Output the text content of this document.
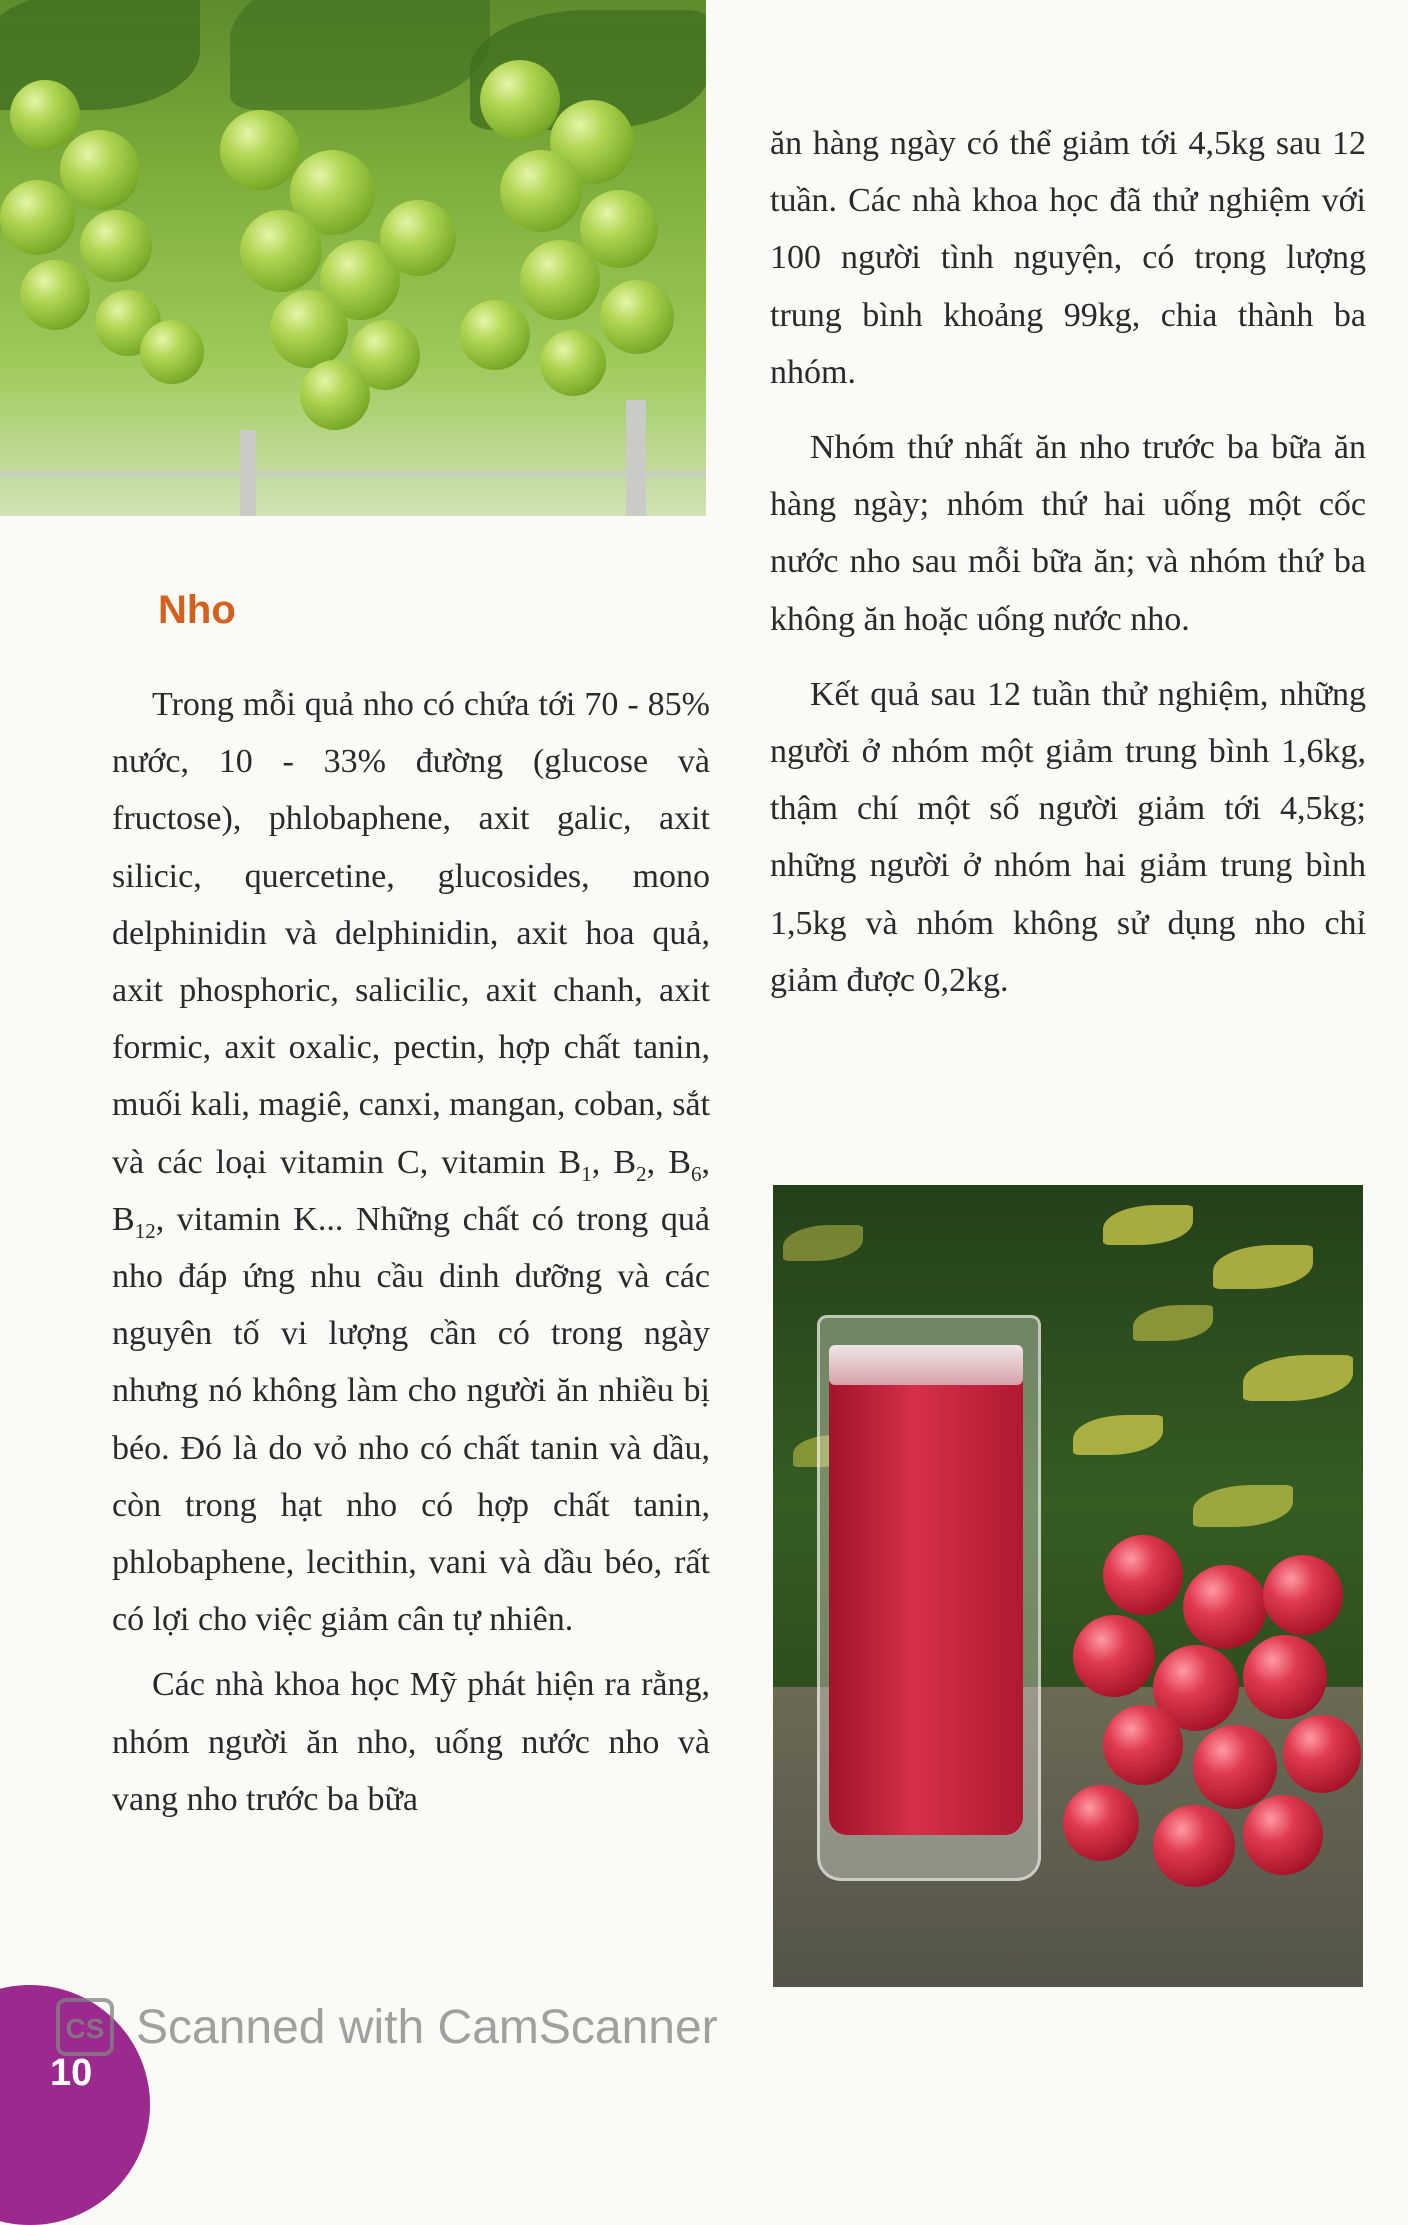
Nho

Trong mỗi quả nho có chứa tới 70 - 85% nước, 10 - 33% đường (glucose và fructose), phlobaphene, axit galic, axit silicic, quercetine, glucosides, mono delphinidin và delphinidin, axit hoa quả, axit phosphoric, salicilic, axit chanh, axit formic, axit oxalic, pectin, hợp chất tanin, muối kali, magiê, canxi, mangan, coban, sắt và các loại vitamin C, vitamin $B_1$, $B_2$, $B_6$, $B_{12}$, vitamin K... Những chất có trong quả nho đáp ứng nhu cầu dinh dưỡng và các nguyên tố vi lượng cần có trong ngày nhưng nó không làm cho người ăn nhiều bị béo. Đó là do vỏ nho có chất tanin và dầu, còn trong hạt nho có hợp chất tanin, phlobaphene, lecithin, vani và dầu béo, rất có lợi cho việc giảm cân tự nhiên.

Các nhà khoa học Mỹ phát hiện ra rằng, nhóm người ăn nho, uống nước nho và vang nho trước ba bữa

ăn hàng ngày có thể giảm tới 4,5kg sau 12 tuần. Các nhà khoa học đã thử nghiệm với 100 người tình nguyện, có trọng lượng trung bình khoảng 99kg, chia thành ba nhóm.

Nhóm thứ nhất ăn nho trước ba bữa ăn hàng ngày; nhóm thứ hai uống một cốc nước nho sau mỗi bữa ăn; và nhóm thứ ba không ăn hoặc uống nước nho.

Kết quả sau 12 tuần thử nghiệm, những người ở nhóm một giảm trung bình 1,6kg, thậm chí một số người giảm tới 4,5kg; những người ở nhóm hai giảm trung bình 1,5kg và nhóm không sử dụng nho chỉ giảm được 0,2kg.

10
CS Scanned with CamScanner
